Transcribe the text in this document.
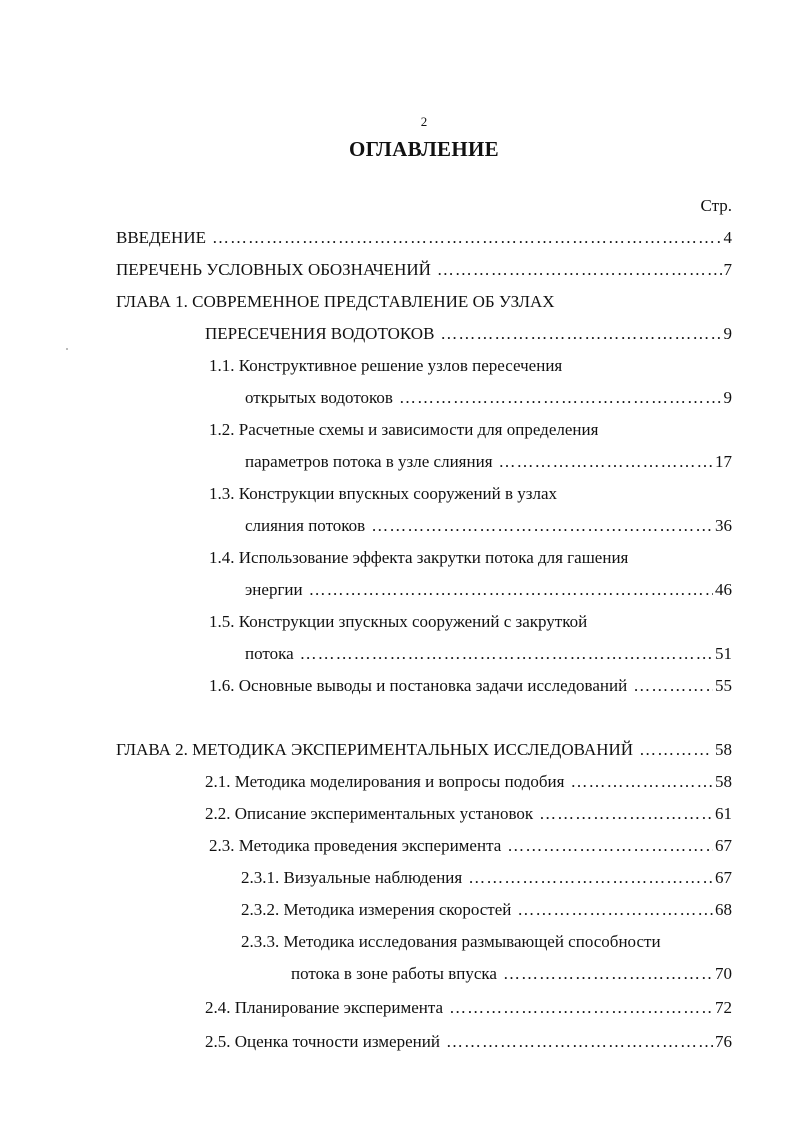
2
ОГЛАВЛЕНИЕ
Стр.
ВВЕДЕНИЕ …………………………………………………………………………………………………………………………………………………………………………	4
ПЕРЕЧЕНЬ УСЛОВНЫХ ОБОЗНАЧЕНИЙ …………………………………………………………………………………………………………………………………………………………………………	7
ГЛАВА 1. СОВРЕМЕННОЕ ПРЕДСТАВЛЕНИЕ ОБ УЗЛАХ
ПЕРЕСЕЧЕНИЯ ВОДОТОКОВ …………………………………………………………………………………………………………………………………………………………………………	9
1.1. Конструктивное решение узлов пересечения
открытых водотоков …………………………………………………………………………………………………………………………………………………………………………	9
1.2. Расчетные схемы и зависимости для определения
параметров потока в узле слияния …………………………………………………………………………………………………………………………………………………………………………	17
1.3. Конструкции впускных сооружений в узлах
слияния потоков …………………………………………………………………………………………………………………………………………………………………………	36
1.4. Использование эффекта закрутки потока для гашения
энергии …………………………………………………………………………………………………………………………………………………………………………	46
1.5. Конструкции зпускных сооружений с закруткой
потока …………………………………………………………………………………………………………………………………………………………………………	51
1.6. Основные выводы и постановка задачи исследований …………………………………………………………………………………………………………………………………………………………………………	55
ГЛАВА 2. МЕТОДИКА ЭКСПЕРИМЕНТАЛЬНЫХ ИССЛЕДОВАНИЙ …………………………………………………………………………………………………………………………………………………………………………	58
2.1. Методика моделирования и вопросы подобия …………………………………………………………………………………………………………………………………………………………………………	58
2.2. Описание экспериментальных установок …………………………………………………………………………………………………………………………………………………………………………	61
2.3. Методика проведения эксперимента …………………………………………………………………………………………………………………………………………………………………………	67
2.3.1. Визуальные наблюдения …………………………………………………………………………………………………………………………………………………………………………	67
2.3.2. Методика измерения скоростей …………………………………………………………………………………………………………………………………………………………………………	68
2.3.3. Методика исследования размывающей способности
потока в зоне работы впуска …………………………………………………………………………………………………………………………………………………………………………	70
2.4. Планирование эксперимента …………………………………………………………………………………………………………………………………………………………………………	72
2.5. Оценка точности измерений …………………………………………………………………………………………………………………………………………………………………………	76
